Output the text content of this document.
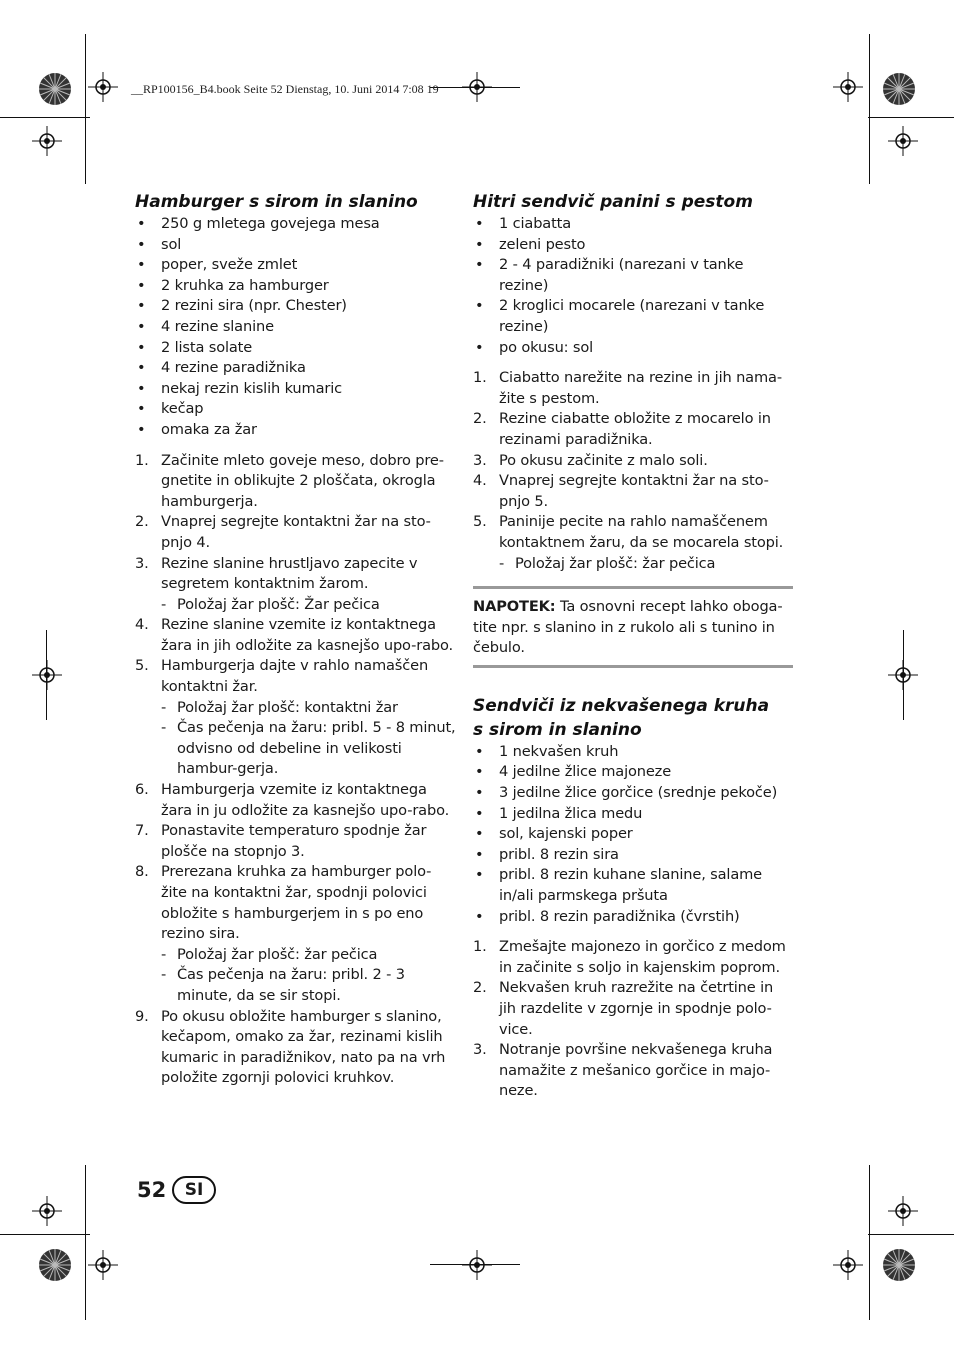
__RP100156_B4.book Seite 52 Dienstag, 10. Juni 2014 7:08 19
Hamburger s sirom in slanino
• 250 g mletega govejega mesa
• sol
• poper, sveže zmlet
• 2 kruhka za hamburger
• 2 rezini sira (npr. Chester)
• 4 rezine slanine
• 2 lista solate
• 4 rezine paradižnika
• nekaj rezin kislih kumaric
• kečap
• omaka za žar
1. Začinite mleto goveje meso, dobro pre-gnetite in oblikujte 2 ploščata, okrogla hamburgerja.
2. Vnaprej segrejte kontaktni žar na sto-pnjo 4.
3. Rezine slanine hrustljavo zapecite v segretem kontaktnim žarom.
- Položaj žar plošč: Žar pečica
4. Rezine slanine vzemite iz kontaktnega žara in jih odložite za kasnejšo upo-rabo.
5. Hamburgerja dajte v rahlo namaščen kontaktni žar.
- Položaj žar plošč: kontaktni žar
- Čas pečenja na žaru: pribl. 5 - 8 minut, odvisno od debeline in velikosti hambur-gerja.
6. Hamburgerja vzemite iz kontaktnega žara in ju odložite za kasnejšo upo-rabo.
7. Ponastavite temperaturo spodnje žar plošče na stopnjo 3.
8. Prerezana kruhka za hamburger polo-žite na kontaktni žar, spodnji polovici obložite s hamburgerjem in s po eno rezino sira.
- Položaj žar plošč: žar pečica
- Čas pečenja na žaru: pribl. 2 - 3 minute, da se sir stopi.
9. Po okusu obložite hamburger s slanino, kečapom, omako za žar, rezinami kislih kumaric in paradižnikov, nato pa na vrh položite zgornji polovici kruhkov.
Hitri sendvič panini s pestom
• 1 ciabatta
• zeleni pesto
• 2 - 4 paradižniki (narezani v tanke rezine)
• 2 kroglici mocarele (narezani v tanke rezine)
• po okusu: sol
1. Ciabatto narežite na rezine in jih nama-žite s pestom.
2. Rezine ciabatte obložite z mocarelo in rezinami paradižnika.
3. Po okusu začinite z malo soli.
4. Vnaprej segrejte kontaktni žar na sto-pnjo 5.
5. Paninije pecite na rahlo namaščenem kontaktnem žaru, da se mocarela stopi.
- Položaj žar plošč: žar pečica
NAPOTEK: Ta osnovni recept lahko oboga-tite npr. s slanino in z rukolo ali s tunino in čebulo.
Sendviči iz nekvašenega kruha
s sirom in slanino
• 1 nekvašen kruh
• 4 jedilne žlice majoneze
• 3 jedilne žlice gorčice (srednje pekoče)
• 1 jedilna žlica medu
• sol, kajenski poper
• pribl. 8 rezin sira
• pribl. 8 rezin kuhane slanine, salame in/ali parmskega pršuta
• pribl. 8 rezin paradižnika (čvrstih)
1. Zmešajte majonezo in gorčico z medom in začinite s soljo in kajenskim poprom.
2. Nekvašen kruh razrežite na četrtine in jih razdelite v zgornje in spodnje polo-vice.
3. Notranje površine nekvašenega kruha namažite z mešanico gorčice in majo-neze.
52	SI
